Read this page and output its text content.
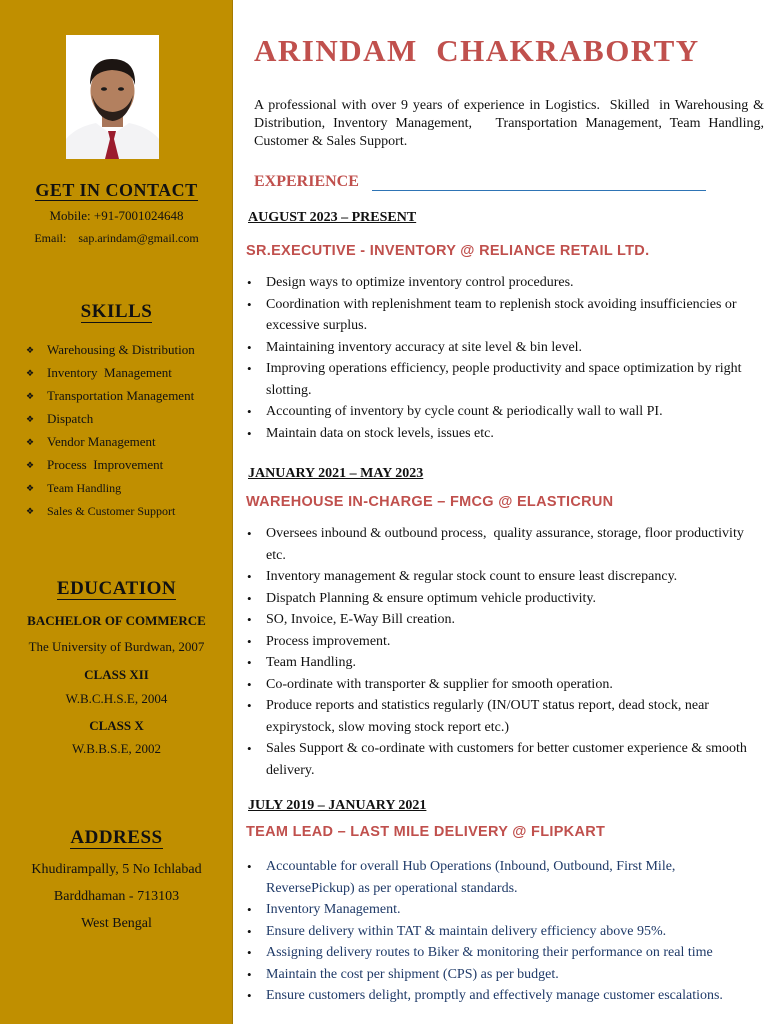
GET IN CONTACT
Mobile: +91-7001024648
Email:    sap.arindam@gmail.com
SKILLS
❖ Warehousing & Distribution
❖ Inventory  Management
❖ Transportation Management
❖ Dispatch
❖ Vendor Management
❖ Process  Improvement
❖	Team Handling
❖	Sales & Customer Support
EDUCATION
BACHELOR OF COMMERCE
The University of Burdwan, 2007
CLASS XII
W.B.C.H.S.E, 2004
CLASS X
W.B.B.S.E, 2002
ADDRESS
Khudirampally, 5 No Ichlabad
Barddhaman - 713103
West Bengal
ARINDAM  CHAKRABORTY
A professional with over 9 years of experience in Logistics.  Skilled  in Warehousing & Distribution, Inventory Management,   Transportation Management, Team Handling, Customer & Sales Support.
EXPERIENCE
AUGUST 2023 – PRESENT
SR.EXECUTIVE - INVENTORY @ RELIANCE RETAIL LTD.
• Design ways to optimize inventory control procedures.
• Coordination with replenishment team to replenish stock avoiding insufficiencies or excessive surplus.
• Maintaining inventory accuracy at site level & bin level.
• Improving operations efficiency, people productivity and space optimization by right slotting.
• Accounting of inventory by cycle count & periodically wall to wall PI.
• Maintain data on stock levels, issues etc.
JANUARY 2021 – MAY 2023
WAREHOUSE IN-CHARGE – FMCG @ ELASTICRUN
• Oversees inbound & outbound process,  quality assurance, storage, floor productivity etc.
• Inventory management & regular stock count to ensure least discrepancy.
• Dispatch Planning & ensure optimum vehicle productivity.
• SO, Invoice, E-Way Bill creation.
• Process improvement.
• Team Handling.
• Co-ordinate with transporter & supplier for smooth operation.
• Produce reports and statistics regularly (IN/OUT status report, dead stock, near expirystock, slow moving stock report etc.)
• Sales Support & co-ordinate with customers for better customer experience & smooth delivery.
JULY 2019 – JANUARY 2021
TEAM LEAD – LAST MILE DELIVERY @ FLIPKART
• Accountable for overall Hub Operations (Inbound, Outbound, First Mile, ReversePickup) as per operational standards.
• Inventory Management.
• Ensure delivery within TAT & maintain delivery efficiency above 95%.
• Assigning delivery routes to Biker & monitoring their performance on real time
• Maintain the cost per shipment (CPS) as per budget.
• Ensure customers delight, promptly and effectively manage customer escalations.
